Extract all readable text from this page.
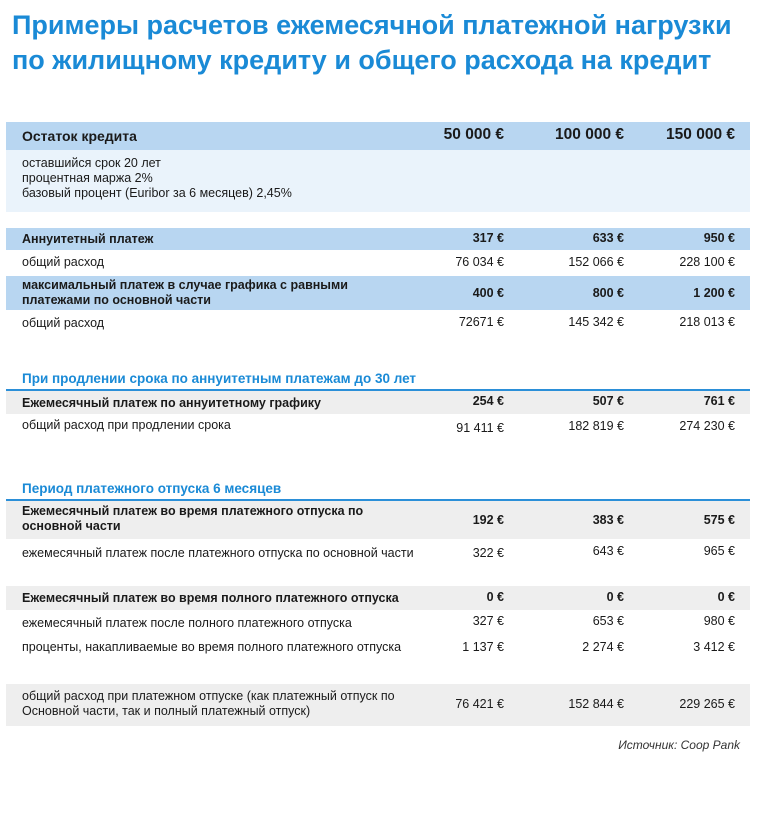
Примеры расчетов ежемесячной платежной нагрузки по жилищному кредиту и общего расхода на кредит
Остаток кредита	50 000 €	100 000 €	150 000 €
оставшийся срок 20 лет
процентная маржа 2%
базовый процент (Euribor за 6 месяцев) 2,45%
Аннуитетный платеж	317 €	633 €	950 €
общий расход	76 034 €	152 066 €	228 100 €
максимальный платеж в случае графика с равными платежами по основной части	400 €	800 €	1 200 €
общий расход	72671 €	145 342 €	218 013 €
При продлении срока по аннуитетным платежам до 30 лет
Ежемесячный платеж по аннуитетному графику	254 €	507 €	761 €
общий расход при продлении срока	91 411 €	182 819 €	274 230 €
Период платежного отпуска 6 месяцев
Ежемесячный платеж во время платежного отпуска по основной части	192 €	383 €	575 €
ежемесячный платеж после платежного отпуска по основной части	322 €	643 €	965 €
Ежемесячный платеж во время полного платежного отпуска	0 €	0 €	0 €
ежемесячный платеж после полного платежного отпуска	327 €	653 €	980 €
проценты, накапливаемые во время полного платежного отпуска	1 137 €	2 274 €	3 412 €
общий расход при платежном отпуске (как платежный отпуск по Основной части, так и полный платежный отпуск)	76 421 €	152 844 €	229 265 €
Источник: Coop Pank
